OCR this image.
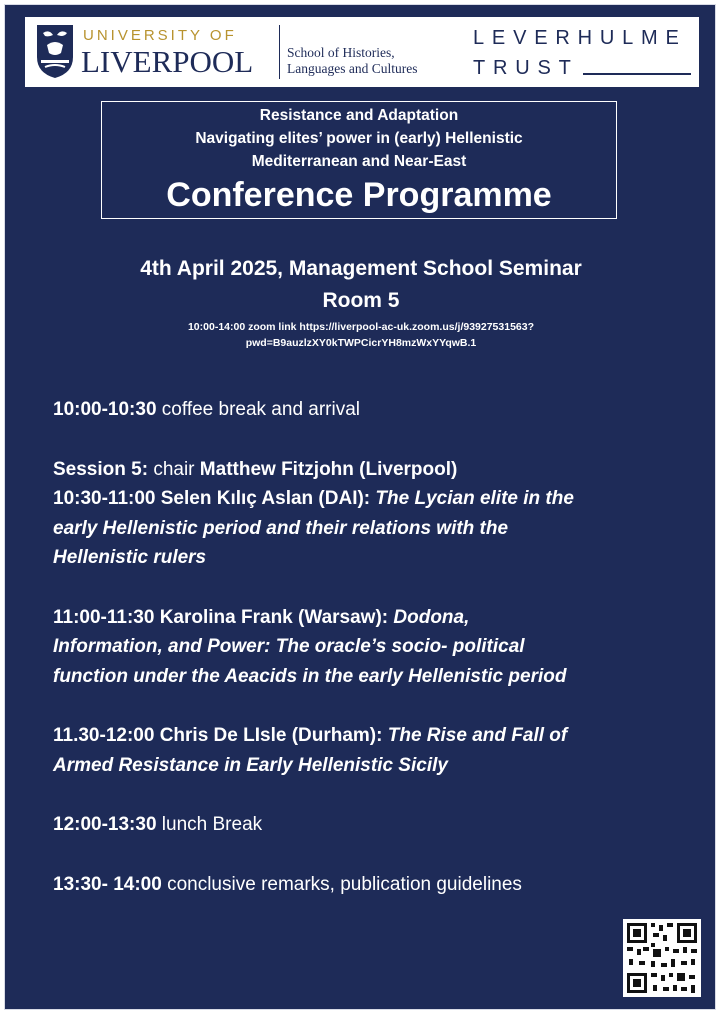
UNIVERSITY OF
LIVERPOOL	School of Histories,
Languages and Cultures
LEVERHULME
TRUST
Resistance and Adaptation
Navigating elites’ power in (early) Hellenistic
Mediterranean and Near-East
Conference Programme
4th April 2025, Management School Seminar
Room 5
10:00-14:00 zoom link https://liverpool-ac-uk.zoom.us/j/93927531563?
pwd=B9auzlzXY0kTWPCicrYH8mzWxYYqwB.1

10:00-10:30 coffee break and arrival

Session 5: chair Matthew Fitzjohn (Liverpool)

10:30-11:00 Selen Kılıç Aslan (DAI): The Lycian elite in the
early Hellenistic period and their relations with the
Hellenistic rulers

11:00-11:30 Karolina Frank (Warsaw): Dodona,
Information, and Power: The oracle’s socio- political
function under the Aeacids in the early Hellenistic period

11.30-12:00 Chris De LIsle (Durham): The Rise and Fall of
Armed Resistance in Early Hellenistic Sicily

12:00-13:30 lunch Break

13:30- 14:00 conclusive remarks, publication guidelines
